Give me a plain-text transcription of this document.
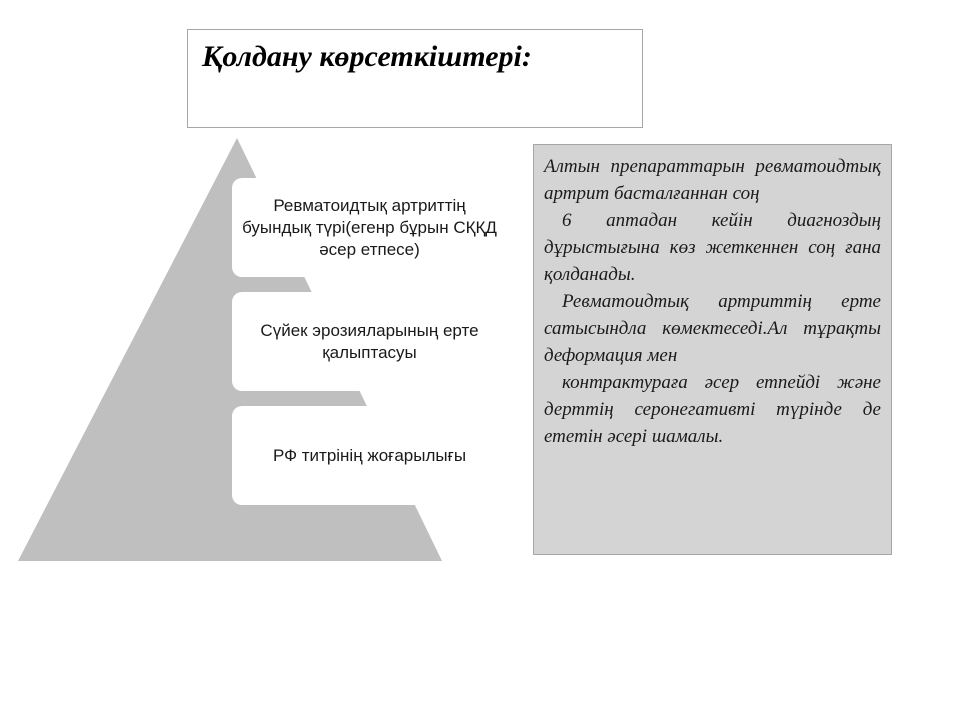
Қолдану көрсеткіштері:
Ревматоидтық артриттің буындық түрі(егенр бұрын СҚҚД әсер етпесе)
Сүйек эрозияларының ерте қалыптасуы
РФ титрінің жоғарылығы

Алтын препараттарын ревматоидтық артрит басталғаннан соң

6 аптадан кейін диагноздың дұрыстығына көз жеткеннен соң ғана қолданады.

Ревматоидтық артриттің ерте сатысындла көмектеседі.Ал тұрақты деформация мен

контрактураға әсер етпейді және дерттің серонегативті түрінде де ететін әсері шамалы.
